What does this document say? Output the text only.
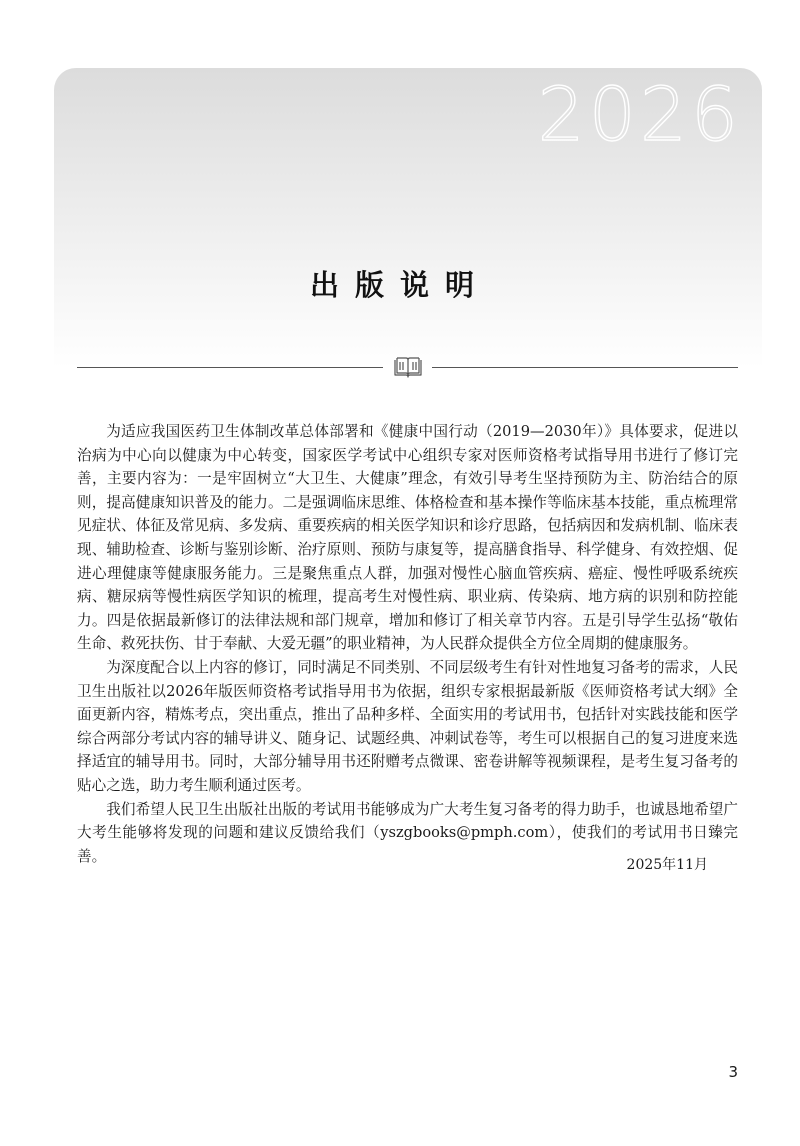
2026
出版说明

为适应我国医药卫生体制改革总体部署和《健康中国行动（2019—2030年）》具体要求，促进以治病为中心向以健康为中心转变，国家医学考试中心组织专家对医师资格考试指导用书进行了修订完善，主要内容为：一是牢固树立“大卫生、大健康”理念，有效引导考生坚持预防为主、防治结合的原则，提高健康知识普及的能力。二是强调临床思维、体格检查和基本操作等临床基本技能，重点梳理常见症状、体征及常见病、多发病、重要疾病的相关医学知识和诊疗思路，包括病因和发病机制、临床表现、辅助检查、诊断与鉴别诊断、治疗原则、预防与康复等，提高膳食指导、科学健身、有效控烟、促进心理健康等健康服务能力。三是聚焦重点人群，加强对慢性心脑血管疾病、癌症、慢性呼吸系统疾病、糖尿病等慢性病医学知识的梳理，提高考生对慢性病、职业病、传染病、地方病的识别和防控能力。四是依据最新修订的法律法规和部门规章，增加和修订了相关章节内容。五是引导学生弘扬“敬佑生命、救死扶伤、甘于奉献、大爱无疆”的职业精神，为人民群众提供全方位全周期的健康服务。

为深度配合以上内容的修订，同时满足不同类别、不同层级考生有针对性地复习备考的需求，人民卫生出版社以2026年版医师资格考试指导用书为依据，组织专家根据最新版《医师资格考试大纲》全面更新内容，精炼考点，突出重点，推出了品种多样、全面实用的考试用书，包括针对实践技能和医学综合两部分考试内容的辅导讲义、随身记、试题经典、冲刺试卷等，考生可以根据自己的复习进度来选择适宜的辅导用书。同时，大部分辅导用书还附赠考点微课、密卷讲解等视频课程，是考生复习备考的贴心之选，助力考生顺利通过医考。

我们希望人民卫生出版社出版的考试用书能够成为广大考生复习备考的得力助手，也诚恳地希望广大考生能够将发现的问题和建议反馈给我们（yszgbooks@pmph.com），使我们的考试用书日臻完善。

2025年11月
3
